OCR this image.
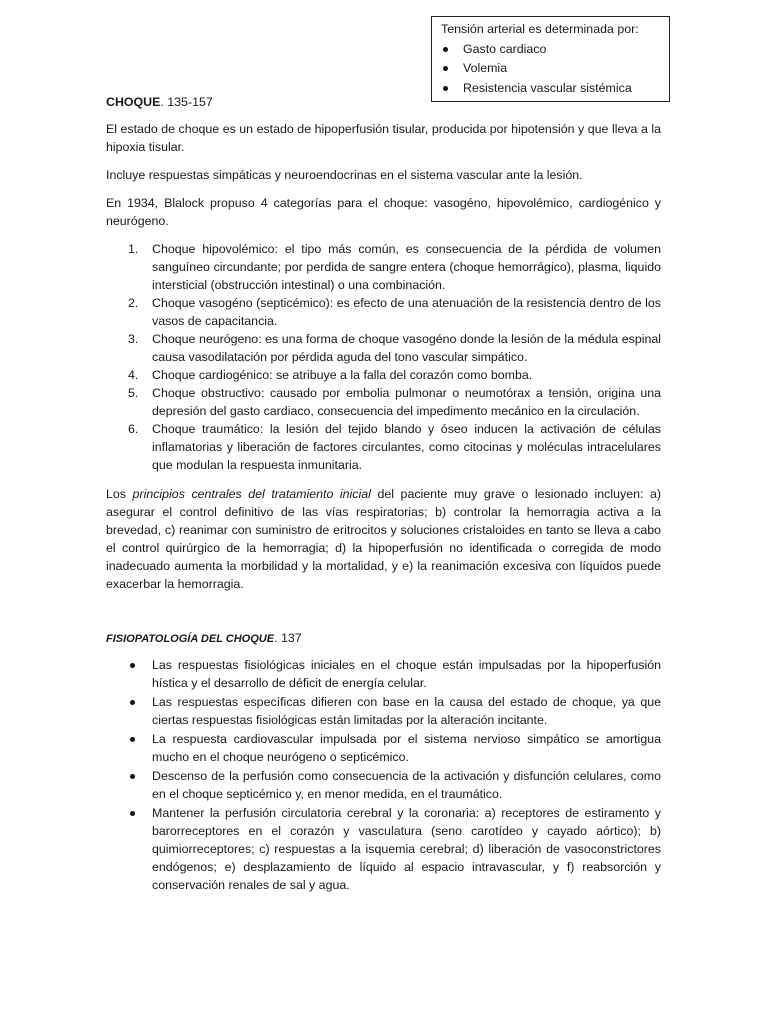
Tensión arterial es determinada por:
Gasto cardiaco
Volemia
Resistencia vascular sistémica

CHOQUE. 135-157

El estado de choque es un estado de hipoperfusión tisular, producida por hipotensión y que lleva a la hipoxia tisular.

Incluye respuestas simpáticas y neuroendocrinas en el sistema vascular ante la lesión.

En 1934, Blalock propuso 4 categorías para el choque: vasogéno, hipovolémico, cardiogénico y neurógeno.

1. Choque hipovolémico: el tipo más común, es consecuencia de la pérdida de volumen sanguíneo circundante; por perdida de sangre entera (choque hemorrágico), plasma, liquido intersticial (obstrucción intestinal) o una combinación.
2. Choque vasogéno (septicémico): es efecto de una atenuación de la resistencia dentro de los vasos de capacitancia.
3. Choque neurógeno: es una forma de choque vasogéno donde la lesión de la médula espinal causa vasodilatación por pérdida aguda del tono vascular simpático.
4. Choque cardiogénico: se atribuye a la falla del corazón como bomba.
5. Choque obstructivo: causado por embolia pulmonar o neumotórax a tensión, origina una depresión del gasto cardiaco, consecuencia del impedimento mecánico en la circulación.
6. Choque traumático: la lesión del tejido blando y óseo inducen la activación de células inflamatorias y liberación de factores circulantes, como citocinas y moléculas intracelulares que modulan la respuesta inmunitaria.

Los principios centrales del tratamiento inicial del paciente muy grave o lesionado incluyen: a) asegurar el control definitivo de las vías respiratorias; b) controlar la hemorragia activa a la brevedad, c) reanimar con suministro de eritrocitos y soluciones cristaloides en tanto se lleva a cabo el control quirúrgico de la hemorragia; d) la hipoperfusión no identificada o corregida de modo inadecuado aumenta la morbilidad y la mortalidad, y e) la reanimación excesiva con líquidos puede exacerbar la hemorragia.

FISIOPATOLOGÍA DEL CHOQUE. 137

Las respuestas fisiológicas iniciales en el choque están impulsadas por la hipoperfusión hística y el desarrollo de déficit de energía celular.
Las respuestas específicas difieren con base en la causa del estado de choque, ya que ciertas respuestas fisiológicas están limitadas por la alteración incitante.
La respuesta cardiovascular impulsada por el sistema nervioso simpático se amortigua mucho en el choque neurógeno o septicémico.
Descenso de la perfusión como consecuencia de la activación y disfunción celulares, como en el choque septicémico y, en menor medida, en el traumático.
Mantener la perfusión circulatoria cerebral y la coronaria: a) receptores de estiramento y barorreceptores en el corazón y vasculatura (seno carotídeo y cayado aórtico); b) quimiorreceptores; c) respuestas a la isquemia cerebral; d) liberación de vasoconstrictores endógenos; e) desplazamiento de líquido al espacio intravascular, y f) reabsorción y conservación renales de sal y agua.
